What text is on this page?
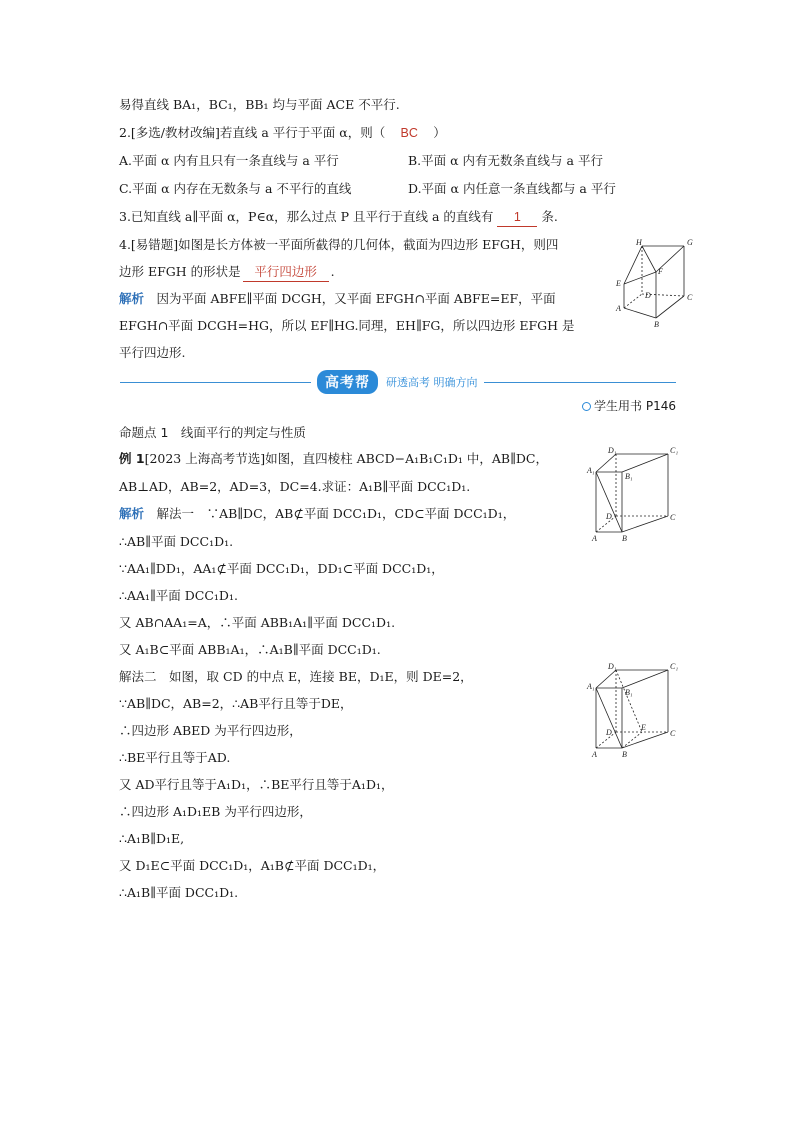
易得直线 BA₁，BC₁，BB₁ 均与平面 ACE 不平行.
2.[多选/教材改编]若直线 a 平行于平面 α，则（ BC ）
A.平面 α 内有且只有一条直线与 a 平行	B.平面 α 内有无数条直线与 a 平行
C.平面 α 内存在无数条与 a 不平行的直线	D.平面 α 内任意一条直线都与 a 平行
3.已知直线 a∥平面 α，P∈α，那么过点 P 且平行于直线 a 的直线有 1 条.
4.[易错题]如图是长方体被一平面所截得的几何体，截面为四边形 EFGH，则四
边形 EFGH 的形状是 平行四边形 .
解析　 因为平面 ABFE∥平面 DCGH，又平面 EFGH∩平面 ABFE=EF，平面
EFGH∩平面 DCGH=HG，所以 EF∥HG.同理，EH∥FG，所以四边形 EFGH 是
平行四边形.
H	G
E
F
D	C
A
B
高考帮	研透高考 明确方向
学生用书 P146
命题点 1　线面平行的判定与性质
例 1[2023 上海高考节选]如图，直四棱柱 ABCD−A₁B₁C₁D₁ 中，AB∥DC，
AB⊥AD，AB=2，AD=3，DC=4.求证：A₁B∥平面 DCC₁D₁.
解析　 解法一　 ∵AB∥DC，AB⊄平面 DCC₁D₁，CD⊂平面 DCC₁D₁，
∴AB∥平面 DCC₁D₁.
∵AA₁∥DD₁，AA₁⊄平面 DCC₁D₁，DD₁⊂平面 DCC₁D₁，
∴AA₁∥平面 DCC₁D₁.
又 AB∩AA₁=A，∴平面 ABB₁A₁∥平面 DCC₁D₁.
又 A₁B⊂平面 ABB₁A₁，∴A₁B∥平面 DCC₁D₁.
解法二　 如图，取 CD 的中点 E，连接 BE，D₁E，则 DE=2，
∵AB∥DC，AB=2，∴AB平行且等于DE，
∴四边形 ABED 为平行四边形，
∴BE平行且等于AD.
又 AD平行且等于A₁D₁，∴BE平行且等于A₁D₁，
∴四边形 A₁D₁EB 为平行四边形，
∴A₁B∥D₁E,
又 D₁E⊂平面 DCC₁D₁，A₁B⊄平面 DCC₁D₁，
∴A₁B∥平面 DCC₁D₁.
D₁	C₁
A₁
B₁
D	C
A	B
D₁	C₁
A₁
B₁
D
E
C
A	B
